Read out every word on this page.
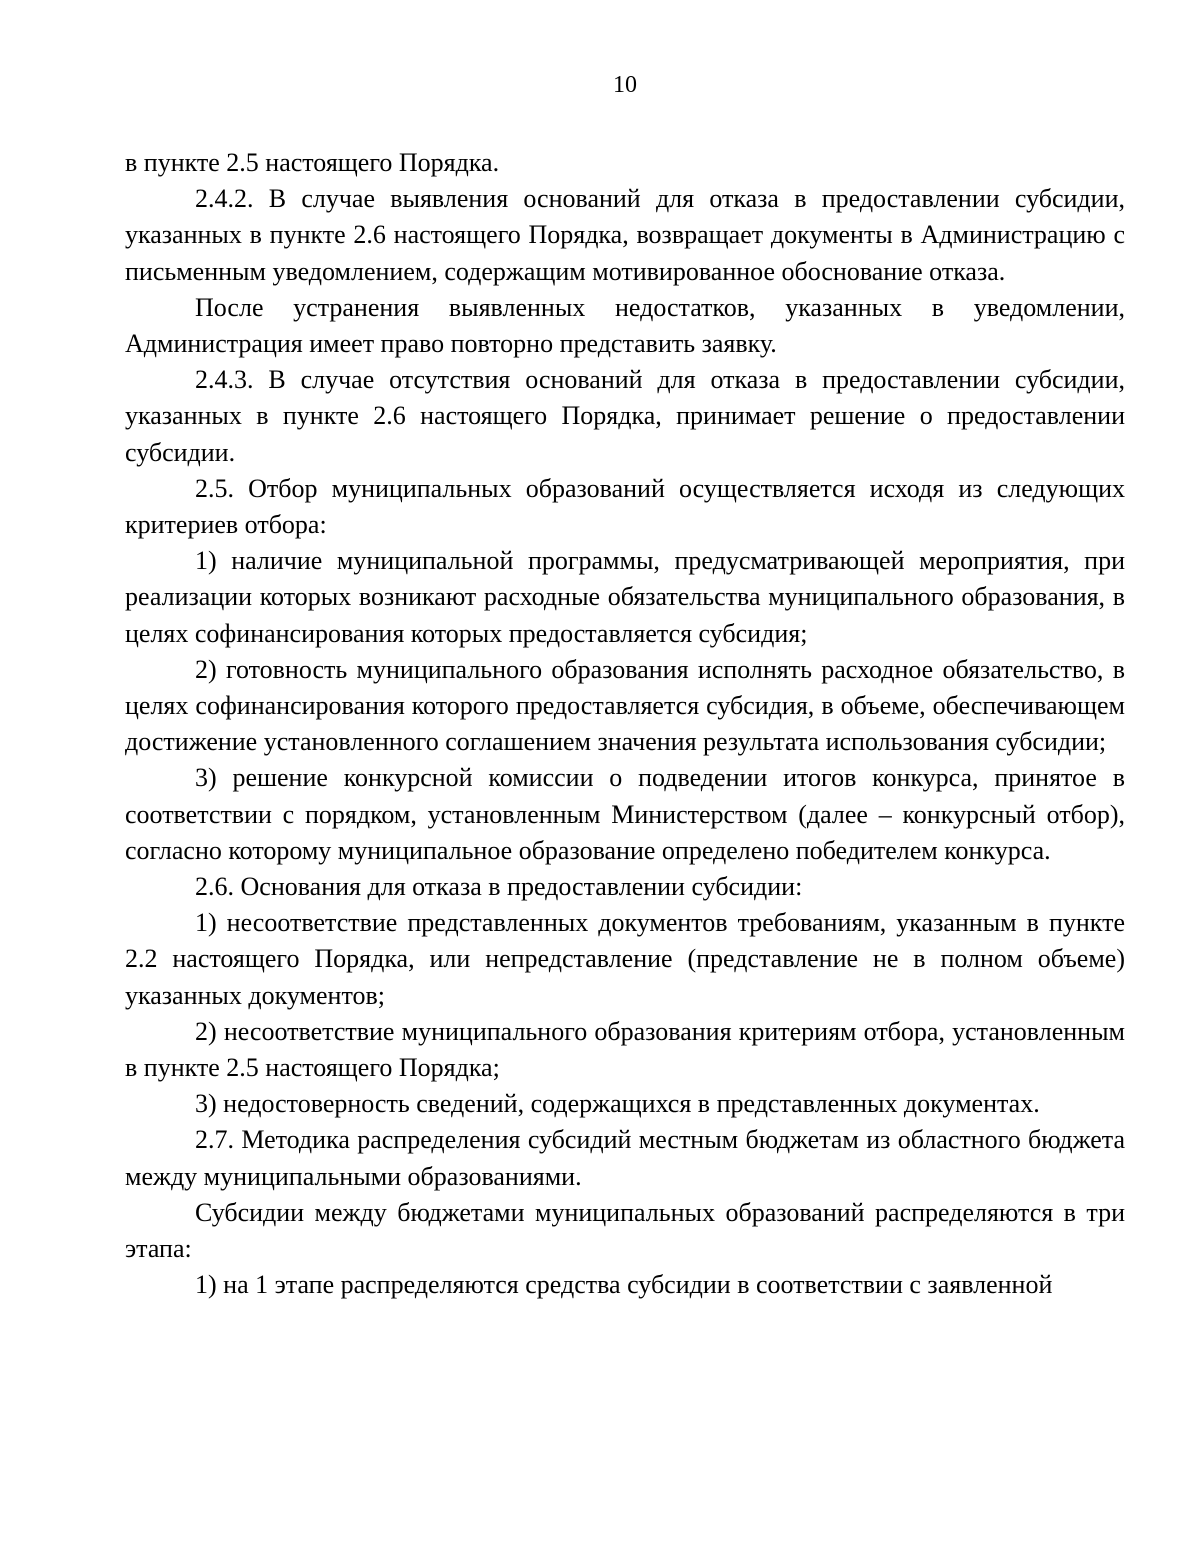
10

в пункте 2.5 настоящего Порядка.

2.4.2. В случае выявления оснований для отказа в предоставлении субсидии, указанных в пункте 2.6 настоящего Порядка, возвращает документы в Администрацию с письменным уведомлением, содержащим мотивированное обоснование отказа.

После устранения выявленных недостатков, указанных в уведомлении, Администрация имеет право повторно представить заявку.

2.4.3. В случае отсутствия оснований для отказа в предоставлении субсидии, указанных в пункте 2.6 настоящего Порядка, принимает решение о предоставлении субсидии.

2.5. Отбор муниципальных образований осуществляется исходя из следующих критериев отбора:

1) наличие муниципальной программы, предусматривающей мероприятия, при реализации которых возникают расходные обязательства муниципального образования, в целях софинансирования которых предоставляется субсидия;

2) готовность муниципального образования исполнять расходное обязательство, в целях софинансирования которого предоставляется субсидия, в объеме, обеспечивающем достижение установленного соглашением значения результата использования субсидии;

3) решение конкурсной комиссии о подведении итогов конкурса, принятое в соответствии с порядком, установленным Министерством (далее – конкурсный отбор), согласно которому муниципальное образование определено победителем конкурса.

2.6. Основания для отказа в предоставлении субсидии:

1) несоответствие представленных документов требованиям, указанным в пункте 2.2 настоящего Порядка, или непредставление (представление не в полном объеме) указанных документов;

2) несоответствие муниципального образования критериям отбора, установленным в пункте 2.5 настоящего Порядка;

3) недостоверность сведений, содержащихся в представленных документах.

2.7. Методика распределения субсидий местным бюджетам из областного бюджета между муниципальными образованиями.

Субсидии между бюджетами муниципальных образований распределяются в три этапа:

1) на 1 этапе распределяются средства субсидии в соответствии с заявленной
